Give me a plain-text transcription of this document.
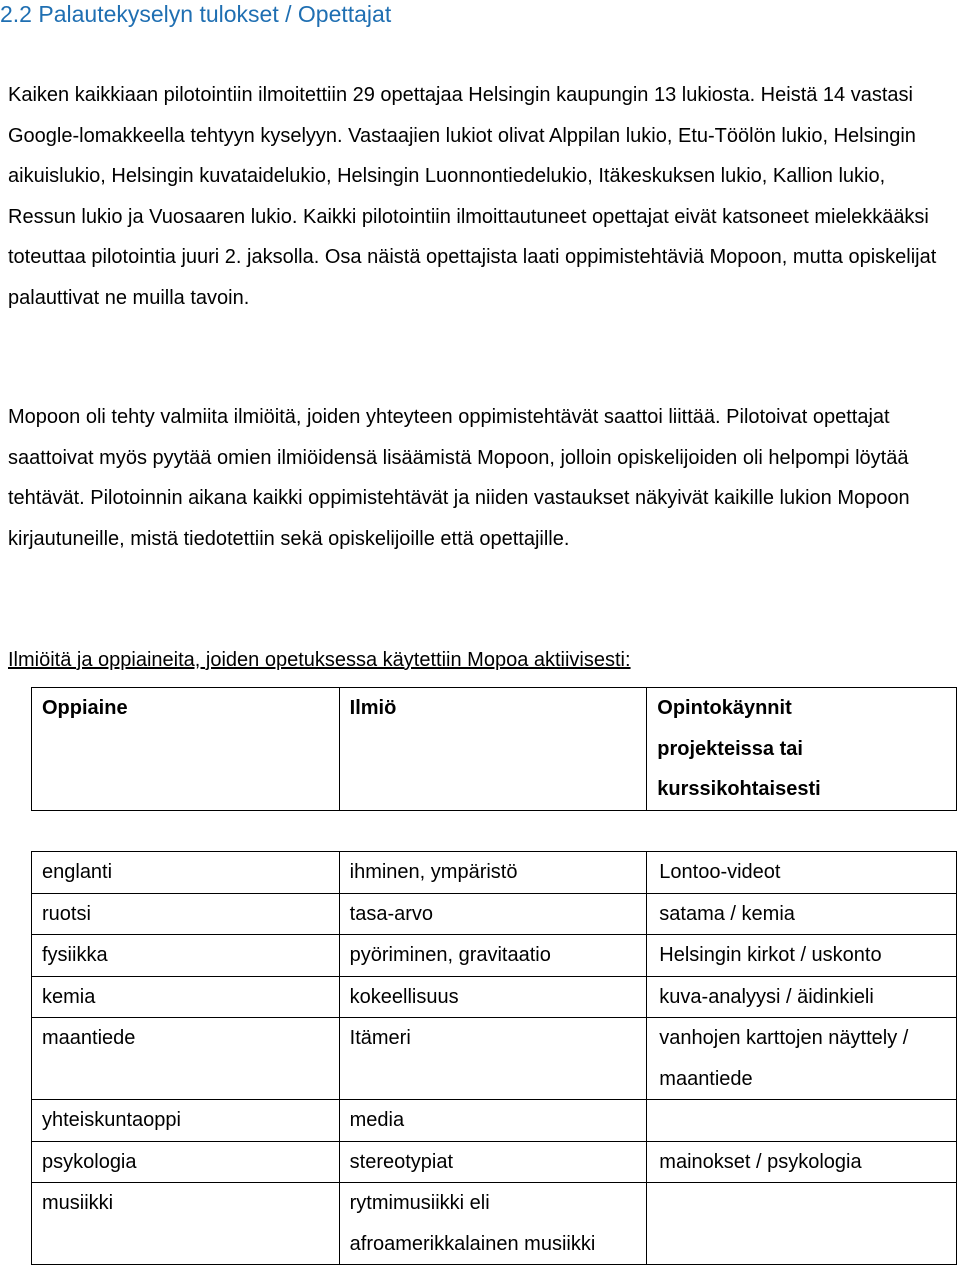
2.2 Palautekyselyn tulokset / Opettajat

Kaiken kaikkiaan pilotointiin ilmoitettiin 29 opettajaa Helsingin kaupungin 13 lukiosta. Heistä 14 vastasi Google-lomakkeella tehtyyn kyselyyn. Vastaajien lukiot olivat Alppilan lukio, Etu-Töölön lukio, Helsingin aikuislukio, Helsingin kuvataidelukio, Helsingin Luonnontiedelukio, Itäkeskuksen lukio, Kallion lukio, Ressun lukio ja Vuosaaren lukio. Kaikki pilotointiin ilmoittautuneet opettajat eivät katsoneet mielekkääksi toteuttaa pilotointia juuri 2. jaksolla. Osa näistä opettajista laati oppimistehtäviä Mopoon, mutta opiskelijat palauttivat ne muilla tavoin.

Mopoon oli tehty valmiita ilmiöitä, joiden yhteyteen oppimistehtävät saattoi liittää. Pilotoivat opettajat saattoivat myös pyytää omien ilmiöidensä lisäämistä Mopoon, jolloin opiskelijoiden oli helpompi löytää tehtävät. Pilotoinnin aikana kaikki oppimistehtävät ja niiden vastaukset näkyivät kaikille lukion Mopoon kirjautuneille, mistä tiedotettiin sekä opiskelijoille että opettajille.

Ilmiöitä ja oppiaineita, joiden opetuksessa käytettiin Mopoa aktiivisesti:
Oppiaine	Ilmiö	Opintokäynnit projekteissa tai kurssikohtaisesti
englanti	ihminen, ympäristö	Lontoo-videot
ruotsi	tasa-arvo	satama / kemia
fysiikka	pyöriminen, gravitaatio	Helsingin kirkot / uskonto
kemia	kokeellisuus	kuva-analyysi / äidinkieli
maantiede	Itämeri	vanhojen karttojen näyttely / maantiede
yhteiskuntaoppi	media	
psykologia	stereotypiat	mainokset / psykologia
musiikki	rytmimusiikki eli afroamerikkalainen musiikki	
